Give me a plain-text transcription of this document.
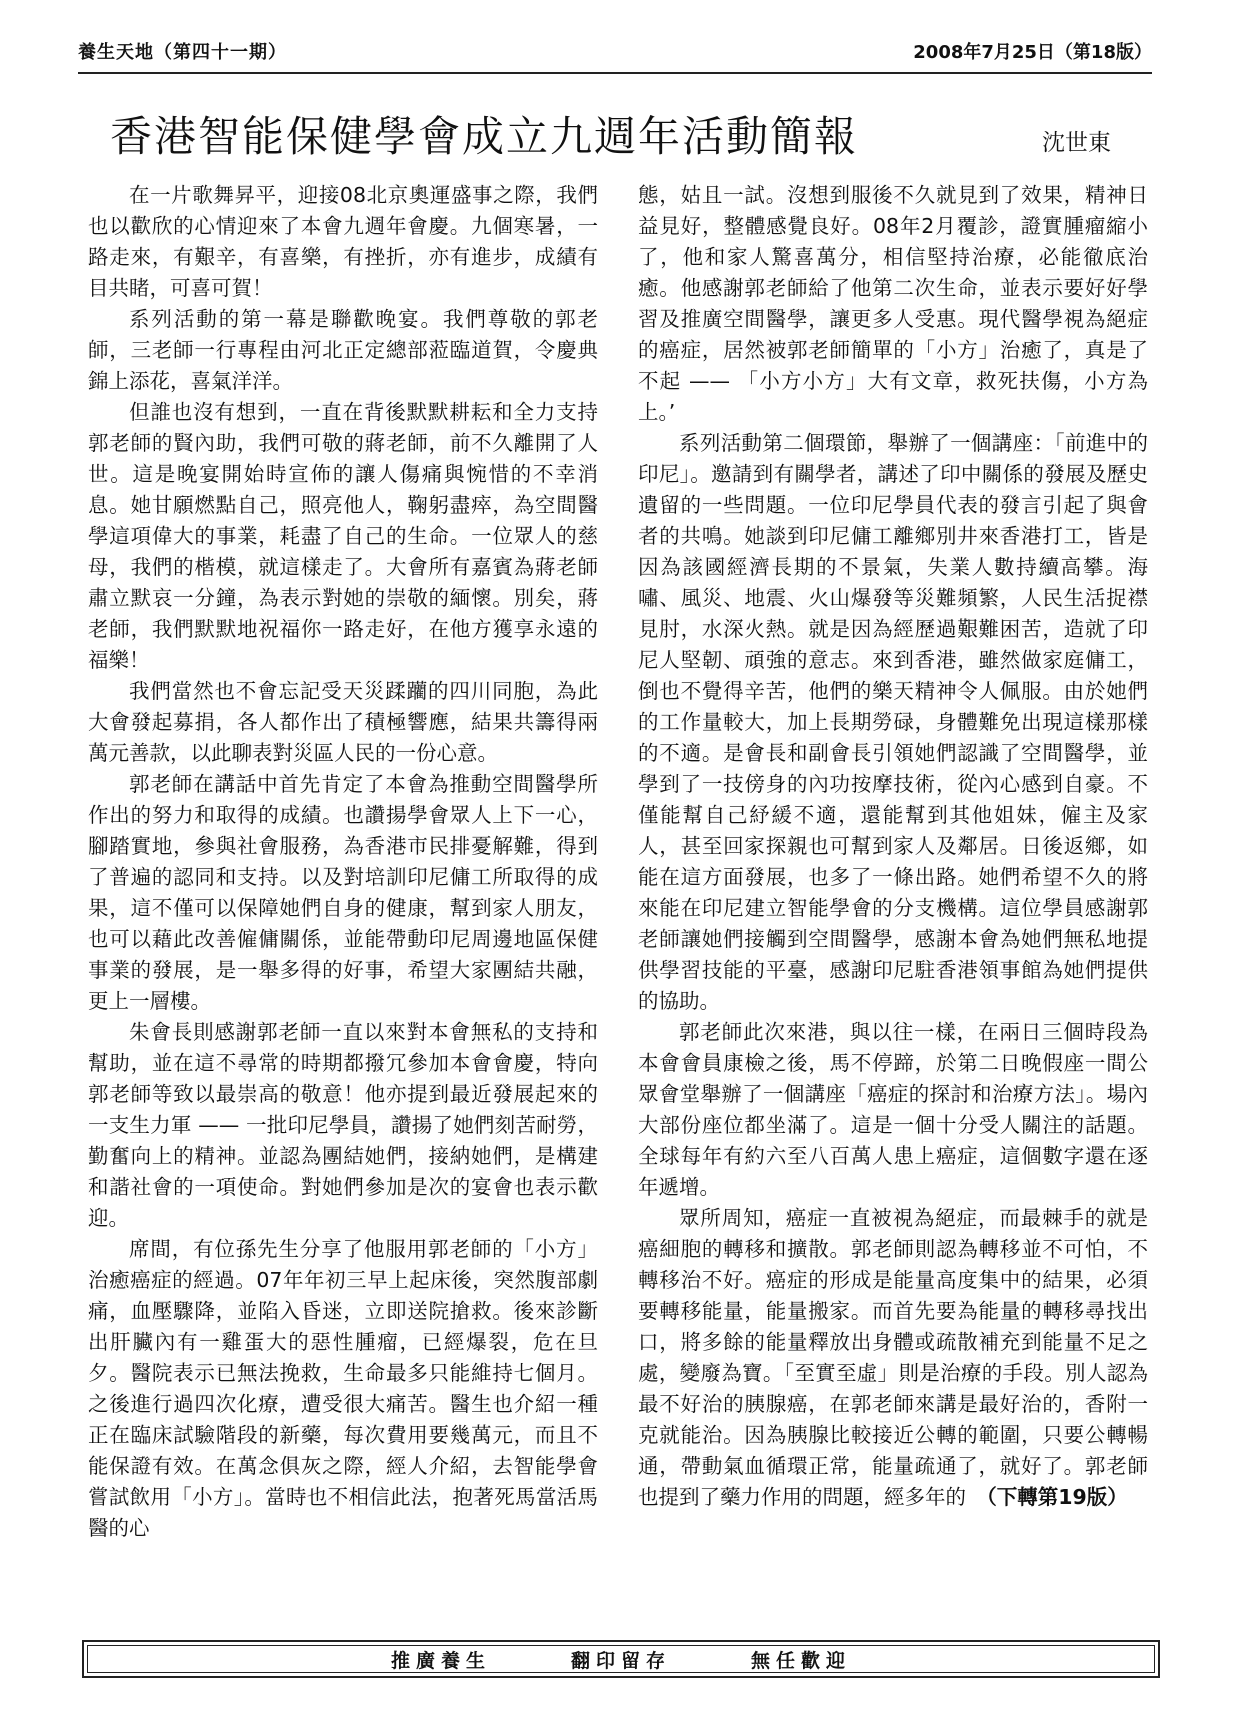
養生天地（第四十一期）	2008年7月25日（第18版）
香港智能保健學會成立九週年活動簡報	沈世東

在一片歌舞昇平，迎接08北京奧運盛事之際，我們也以歡欣的心情迎來了本會九週年會慶。九個寒暑，一路走來，有艱辛，有喜樂，有挫折，亦有進步，成績有目共睹，可喜可賀！

系列活動的第一幕是聯歡晚宴。我們尊敬的郭老師，三老師一行專程由河北正定總部蒞臨道賀，令慶典錦上添花，喜氣洋洋。

但誰也沒有想到，一直在背後默默耕耘和全力支持郭老師的賢內助，我們可敬的蔣老師，前不久離開了人世。這是晚宴開始時宣佈的讓人傷痛與惋惜的不幸消息。她甘願燃點自己，照亮他人，鞠躬盡瘁，為空間醫學這項偉大的事業，耗盡了自己的生命。一位眾人的慈母，我們的楷模，就這樣走了。大會所有嘉賓為蔣老師肅立默哀一分鐘，為表示對她的崇敬的緬懷。別矣，蔣老師，我們默默地祝福你一路走好，在他方獲享永遠的福樂！

我們當然也不會忘記受天災蹂躪的四川同胞，為此大會發起募捐，各人都作出了積極響應，結果共籌得兩萬元善款，以此聊表對災區人民的一份心意。

郭老師在講話中首先肯定了本會為推動空間醫學所作出的努力和取得的成績。也讚揚學會眾人上下一心，腳踏實地，參與社會服務，為香港市民排憂解難，得到了普遍的認同和支持。以及對培訓印尼傭工所取得的成果，這不僅可以保障她們自身的健康，幫到家人朋友，也可以藉此改善僱傭關係，並能帶動印尼周邊地區保健事業的發展，是一舉多得的好事，希望大家團結共融，更上一層樓。

朱會長則感謝郭老師一直以來對本會無私的支持和幫助，並在這不尋常的時期都撥冗參加本會會慶，特向郭老師等致以最崇高的敬意！他亦提到最近發展起來的一支生力軍 —— 一批印尼學員，讚揚了她們刻苦耐勞，勤奮向上的精神。並認為團結她們，接納她們，是構建和諧社會的一項使命。對她們參加是次的宴會也表示歡迎。

席間，有位孫先生分享了他服用郭老師的「小方」治癒癌症的經過。07年年初三早上起床後，突然腹部劇痛，血壓驟降，並陷入昏迷，立即送院搶救。後來診斷出肝臟內有一雞蛋大的惡性腫瘤，已經爆裂，危在旦夕。醫院表示已無法挽救，生命最多只能維持七個月。之後進行過四次化療，遭受很大痛苦。醫生也介紹一種正在臨床試驗階段的新藥，每次費用要幾萬元，而且不能保證有效。在萬念俱灰之際，經人介紹，去智能學會嘗試飲用「小方」。當時也不相信此法，抱著死馬當活馬醫的心

態，姑且一試。沒想到服後不久就見到了效果，精神日益見好，整體感覺良好。08年2月覆診，證實腫瘤縮小了，他和家人驚喜萬分，相信堅持治療，必能徹底治癒。他感謝郭老師給了他第二次生命，並表示要好好學習及推廣空間醫學，讓更多人受惠。現代醫學視為絕症的癌症，居然被郭老師簡單的「小方」治癒了，真是了不起 —— 「小方小方」大有文章，救死扶傷，小方為上。’

系列活動第二個環節，舉辦了一個講座：「前進中的印尼」。邀請到有關學者，講述了印中關係的發展及歷史遺留的一些問題。一位印尼學員代表的發言引起了與會者的共鳴。她談到印尼傭工離鄉別井來香港打工，皆是因為該國經濟長期的不景氣，失業人數持續高攀。海嘯、風災、地震、火山爆發等災難頻繁，人民生活捉襟見肘，水深火熱。就是因為經歷過艱難困苦，造就了印尼人堅韌、頑強的意志。來到香港，雖然做家庭傭工，倒也不覺得辛苦，他們的樂天精神令人佩服。由於她們的工作量較大，加上長期勞碌，身體難免出現這樣那樣的不適。是會長和副會長引領她們認識了空間醫學，並學到了一技傍身的內功按摩技術，從內心感到自豪。不僅能幫自己紓緩不適，還能幫到其他姐妹，僱主及家人，甚至回家探親也可幫到家人及鄰居。日後返鄉，如能在這方面發展，也多了一條出路。她們希望不久的將來能在印尼建立智能學會的分支機構。這位學員感謝郭老師讓她們接觸到空間醫學，感謝本會為她們無私地提供學習技能的平臺，感謝印尼駐香港領事館為她們提供的協助。

郭老師此次來港，與以往一樣，在兩日三個時段為本會會員康檢之後，馬不停蹄，於第二日晚假座一間公眾會堂舉辦了一個講座「癌症的探討和治療方法」。場內大部份座位都坐滿了。這是一個十分受人關注的話題。全球每年有約六至八百萬人患上癌症，這個數字還在逐年遞增。

眾所周知，癌症一直被視為絕症，而最棘手的就是癌細胞的轉移和擴散。郭老師則認為轉移並不可怕，不轉移治不好。癌症的形成是能量高度集中的結果，必須要轉移能量，能量搬家。而首先要為能量的轉移尋找出口，將多餘的能量釋放出身體或疏散補充到能量不足之處，變廢為寶。「至實至虛」則是治療的手段。別人認為最不好治的胰腺癌，在郭老師來講是最好治的，香附一克就能治。因為胰腺比較接近公轉的範圍，只要公轉暢通，帶動氣血循環正常，能量疏通了，就好了。郭老師也提到了藥力作用的問題，經多年的　 （下轉第19版）

推廣養生	翻印留存	無任歡迎
